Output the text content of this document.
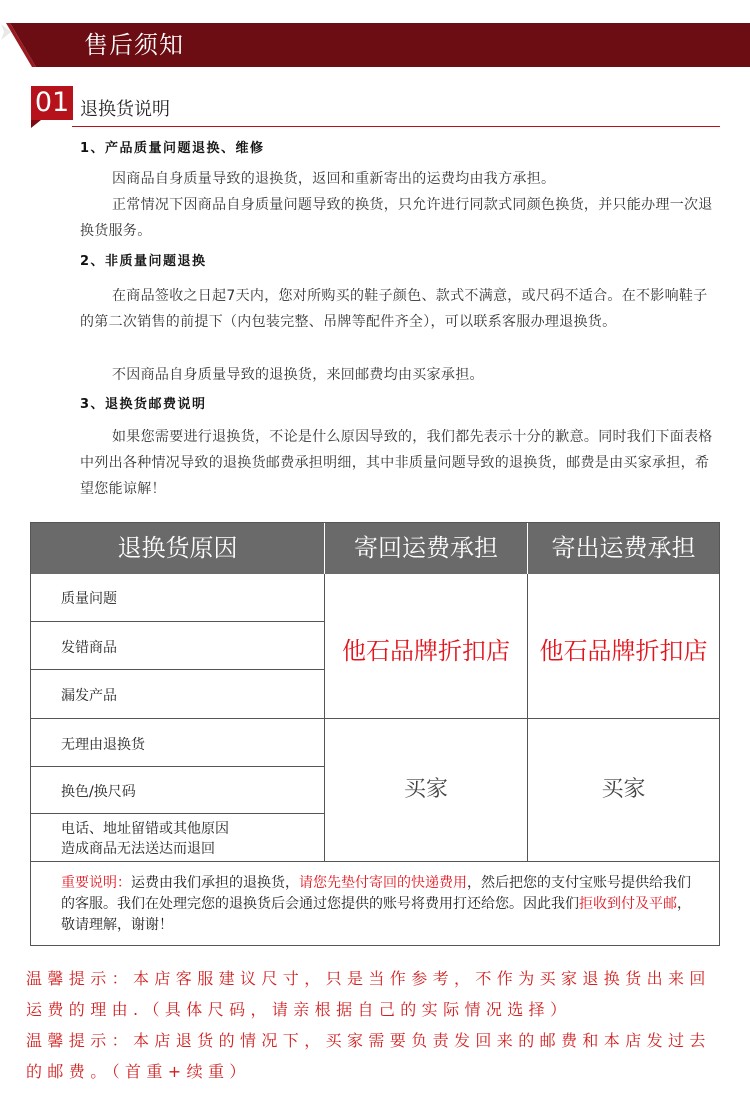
售后须知
01 退换货说明
1、产品质量问题退换、维修
因商品自身质量导致的退换货，返回和重新寄出的运费均由我方承担。
正常情况下因商品自身质量问题导致的换货，只允许进行同款式同颜色换货，并只能办理一次退换货服务。
2、非质量问题退换
在商品签收之日起7天内，您对所购买的鞋子颜色、款式不满意，或尺码不适合。在不影响鞋子的第二次销售的前提下（内包装完整、吊牌等配件齐全），可以联系客服办理退换货。
不因商品自身质量导致的退换货，来回邮费均由买家承担。
3、退换货邮费说明
如果您需要进行退换货，不论是什么原因导致的，我们都先表示十分的歉意。同时我们下面表格中列出各种情况导致的退换货邮费承担明细，其中非质量问题导致的退换货，邮费是由买家承担，希望您能谅解！
退换货原因	寄回运费承担	寄出运费承担
质量问题
发错商品
漏发产品
他石品牌折扣店	他石品牌折扣店
无理由退换货
换色/换尺码
电话、地址留错或其他原因
造成商品无法送达而退回
买家	买家
重要说明：运费由我们承担的退换货，请您先垫付寄回的快递费用，然后把您的支付宝账号提供给我们的客服。我们在处理完您的退换货后会通过您提供的账号将费用打还给您。因此我们拒收到付及平邮，敬请理解，谢谢！
温馨提示：本店客服建议尺寸，只是当作参考，不作为买家退换货出来回运费的理由.（具体尺码，请亲根据自己的实际情况选择）
温馨提示：本店退货的情况下，买家需要负责发回来的邮费和本店发过去的邮费。（首重+续重）
